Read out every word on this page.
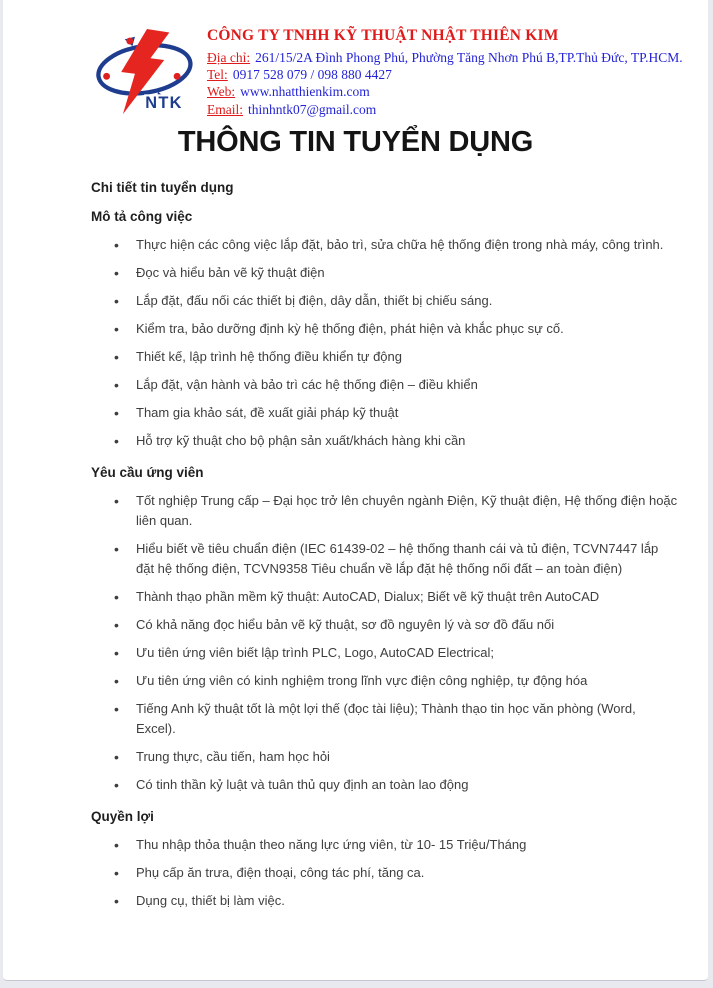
NTK
CÔNG TY TNHH KỸ THUẬT NHẬT THIÊN KIM
Địa chỉ: 261/15/2A Đình Phong Phú, Phường Tăng Nhơn Phú B,TP.Thủ Đức, TP.HCM.
Tel: 0917 528 079 / 098 880 4427
Web: www.nhatthienkim.com
Email: thinhntk07@gmail.com
THÔNG TIN TUYỂN DỤNG
Chi tiết tin tuyển dụng
Mô tả công việc
• Thực hiện các công việc lắp đặt, bảo trì, sửa chữa hệ thống điện trong nhà máy, công trình.
• Đọc và hiểu bản vẽ kỹ thuật điện
• Lắp đặt, đấu nối các thiết bị điện, dây dẫn, thiết bị chiếu sáng.
• Kiểm tra, bảo dưỡng định kỳ hệ thống điện, phát hiện và khắc phục sự cố.
• Thiết kế, lập trình hệ thống điều khiển tự động
• Lắp đặt, vận hành và bảo trì các hệ thống điện – điều khiển
• Tham gia khảo sát, đề xuất giải pháp kỹ thuật
• Hỗ trợ kỹ thuật cho bộ phận sản xuất/khách hàng khi cần
Yêu cầu ứng viên
• Tốt nghiệp Trung cấp – Đại học trở lên chuyên ngành Điện, Kỹ thuật điện, Hệ thống điện hoặc liên quan.
• Hiểu biết về tiêu chuẩn điện (IEC 61439-02 – hệ thống thanh cái và tủ điện, TCVN7447 lắp đặt hệ thống điện, TCVN9358 Tiêu chuẩn về lắp đặt hệ thống nối đất – an toàn điện)
• Thành thạo phần mềm kỹ thuật: AutoCAD, Dialux; Biết vẽ kỹ thuật trên AutoCAD
• Có khả năng đọc hiểu bản vẽ kỹ thuật, sơ đồ nguyên lý và sơ đồ đấu nối
• Ưu tiên ứng viên biết lập trình PLC, Logo, AutoCAD Electrical;
• Ưu tiên ứng viên có kinh nghiệm trong lĩnh vực điện công nghiệp, tự động hóa
• Tiếng Anh kỹ thuật tốt là một lợi thế (đọc tài liệu); Thành thạo tin học văn phòng (Word, Excel).
• Trung thực, cầu tiến, ham học hỏi
• Có tinh thần kỷ luật và tuân thủ quy định an toàn lao động
Quyền lợi
• Thu nhập thỏa thuận theo năng lực ứng viên, từ 10- 15 Triệu/Tháng
• Phụ cấp ăn trưa, điện thoại, công tác phí, tăng ca.
• Dụng cụ, thiết bị làm việc.
